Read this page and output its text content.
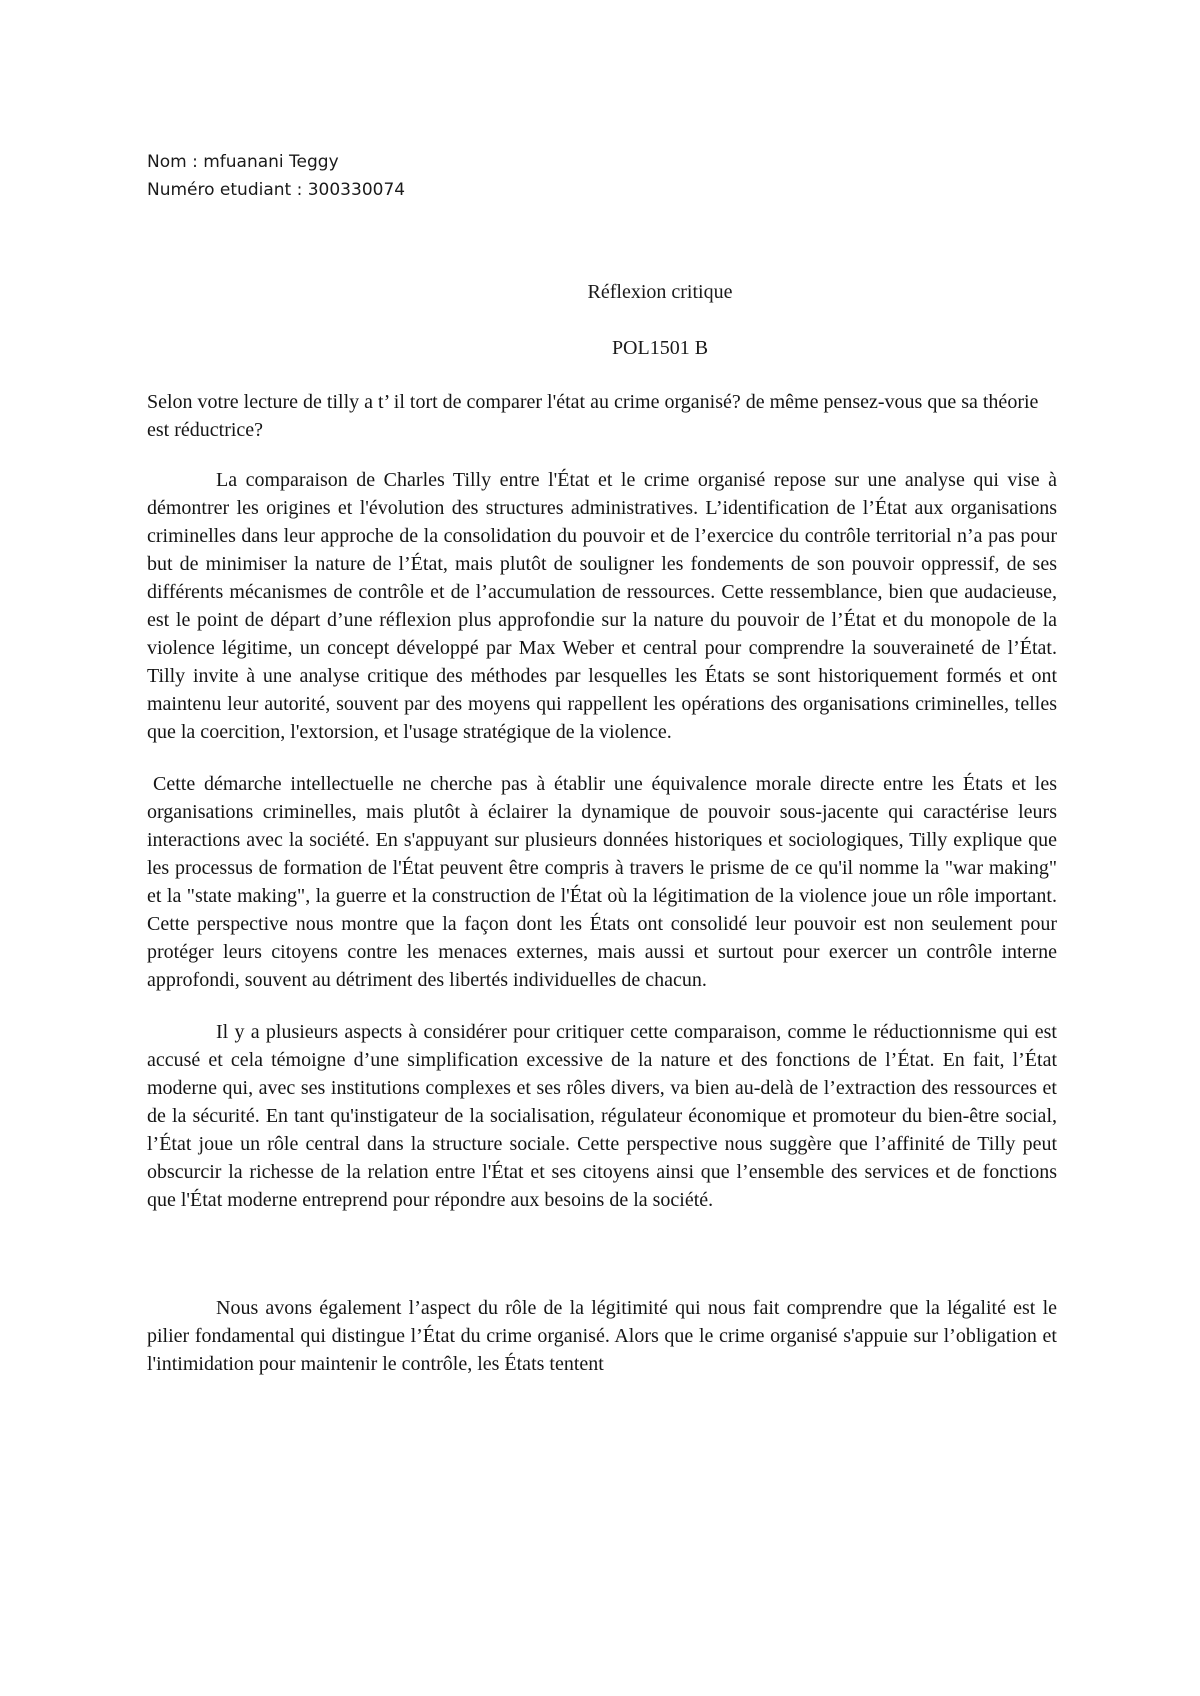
Nom : mfuanani Teggy
Numéro etudiant : 300330074
Réflexion critique
POL1501 B

Selon votre lecture de tilly a t’ il tort de comparer l'état au crime organisé? de même pensez-vous que sa théorie est réductrice?

La comparaison de Charles Tilly entre l'État et le crime organisé repose sur une analyse qui vise à démontrer les origines et l'évolution des structures administratives. L’identification de l’État aux organisations criminelles dans leur approche de la consolidation du pouvoir et de l’exercice du contrôle territorial n’a pas pour but de minimiser la nature de l’État, mais plutôt de souligner les fondements de son pouvoir oppressif, de ses différents mécanismes de contrôle et de l’accumulation de ressources. Cette ressemblance, bien que audacieuse, est le point de départ d’une réflexion plus approfondie sur la nature du pouvoir de l’État et du monopole de la violence légitime, un concept développé par Max Weber et central pour comprendre la souveraineté de l’État. Tilly invite à une analyse critique des méthodes par lesquelles les États se sont historiquement formés et ont maintenu leur autorité, souvent par des moyens qui rappellent les opérations des organisations criminelles, telles que la coercition, l'extorsion, et l'usage stratégique de la violence.

Cette démarche intellectuelle ne cherche pas à établir une équivalence morale directe entre les États et les organisations criminelles, mais plutôt à éclairer la dynamique de pouvoir sous-jacente qui caractérise leurs interactions avec la société. En s'appuyant sur plusieurs données historiques et sociologiques, Tilly explique que les processus de formation de l'État peuvent être compris à travers le prisme de ce qu'il nomme la "war making" et la "state making", la guerre et la construction de l'État où la légitimation de la violence joue un rôle important. Cette perspective nous montre que la façon dont les États ont consolidé leur pouvoir est non seulement pour protéger leurs citoyens contre les menaces externes, mais aussi et surtout pour exercer un contrôle interne approfondi, souvent au détriment des libertés individuelles de chacun.

Il y a plusieurs aspects à considérer pour critiquer cette comparaison, comme le réductionnisme qui est accusé et cela témoigne d’une simplification excessive de la nature et des fonctions de l’État. En fait, l’État moderne qui, avec ses institutions complexes et ses rôles divers, va bien au-delà de l’extraction des ressources et de la sécurité. En tant qu'instigateur de la socialisation, régulateur économique et promoteur du bien-être social, l’État joue un rôle central dans la structure sociale. Cette perspective nous suggère que l’affinité de Tilly peut obscurcir la richesse de la relation entre l'État et ses citoyens ainsi que l’ensemble des services et de fonctions que l'État moderne entreprend pour répondre aux besoins de la société.

Nous avons également l’aspect du rôle de la légitimité qui nous fait comprendre que la légalité est le pilier fondamental qui distingue l’État du crime organisé. Alors que le crime organisé s'appuie sur l’obligation et l'intimidation pour maintenir le contrôle, les États tentent
